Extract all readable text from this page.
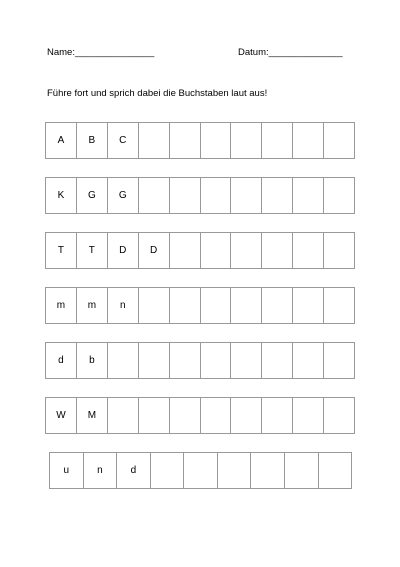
Name:_______________	Datum:______________
Führe fort und sprich dabei die Buchstaben laut aus!
A	B	C
K	G	G
T	T	D	D
m	m	n
d	b
W	M
u	n	d
